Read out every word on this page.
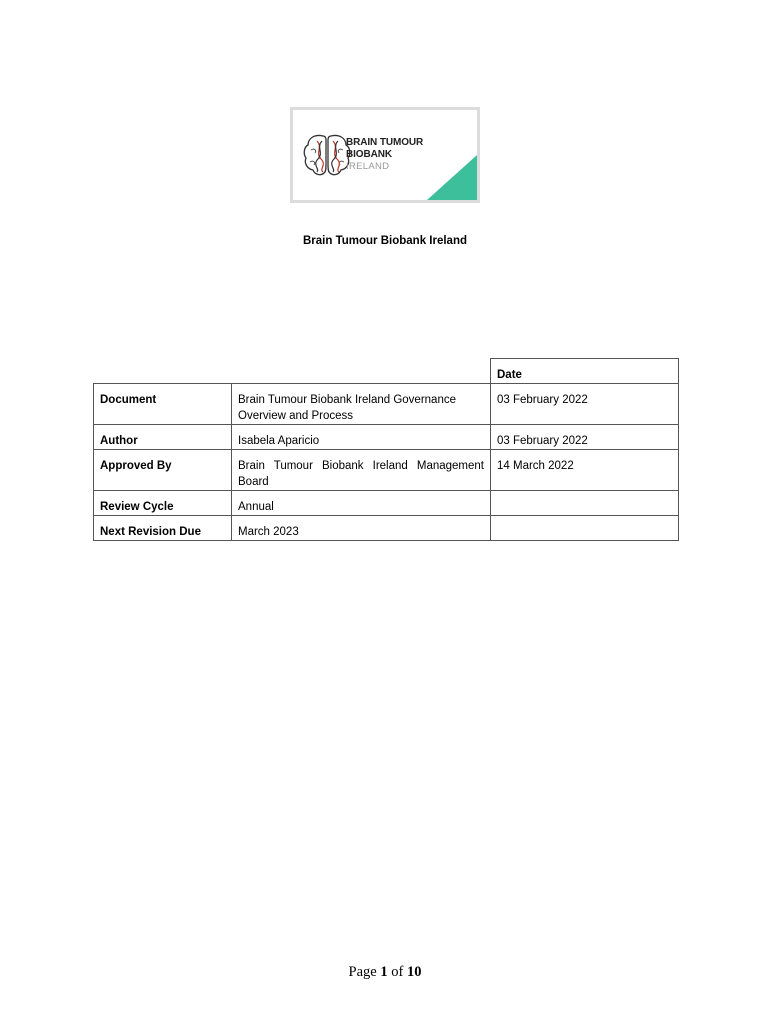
BRAIN TUMOUR
BIOBANK
IRELAND
Brain Tumour Biobank Ireland
		Date
Document	Brain Tumour Biobank Ireland Governance Overview and Process	03 February 2022
Author	Isabela Aparicio	03 February 2022
Approved By	Brain Tumour Biobank Ireland Management Board	14 March 2022
Review Cycle	Annual	
Next Revision Due	March 2023	
Page 1 of 10
